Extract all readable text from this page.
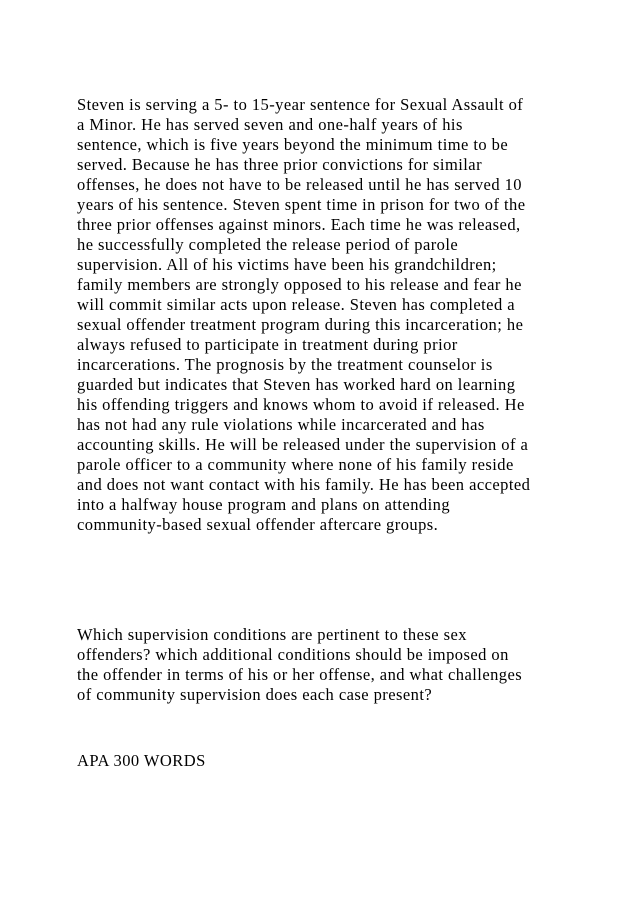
Steven is serving a 5- to 15-year sentence for Sexual Assault of
a Minor. He has served seven and one-half years of his
sentence, which is five years beyond the minimum time to be
served. Because he has three prior convictions for similar
offenses, he does not have to be released until he has served 10
years of his sentence. Steven spent time in prison for two of the
three prior offenses against minors. Each time he was released,
he successfully completed the release period of parole
supervision. All of his victims have been his grandchildren;
family members are strongly opposed to his release and fear he
will commit similar acts upon release. Steven has completed a
sexual offender treatment program during this incarceration; he
always refused to participate in treatment during prior
incarcerations. The prognosis by the treatment counselor is
guarded but indicates that Steven has worked hard on learning
his offending triggers and knows whom to avoid if released. He
has not had any rule violations while incarcerated and has
accounting skills. He will be released under the supervision of a
parole officer to a community where none of his family reside
and does not want contact with his family. He has been accepted
into a halfway house program and plans on attending
community-based sexual offender aftercare groups.

Which supervision conditions are pertinent to these sex
offenders? which additional conditions should be imposed on
the offender in terms of his or her offense, and what challenges
of community supervision does each case present?

APA 300 WORDS
